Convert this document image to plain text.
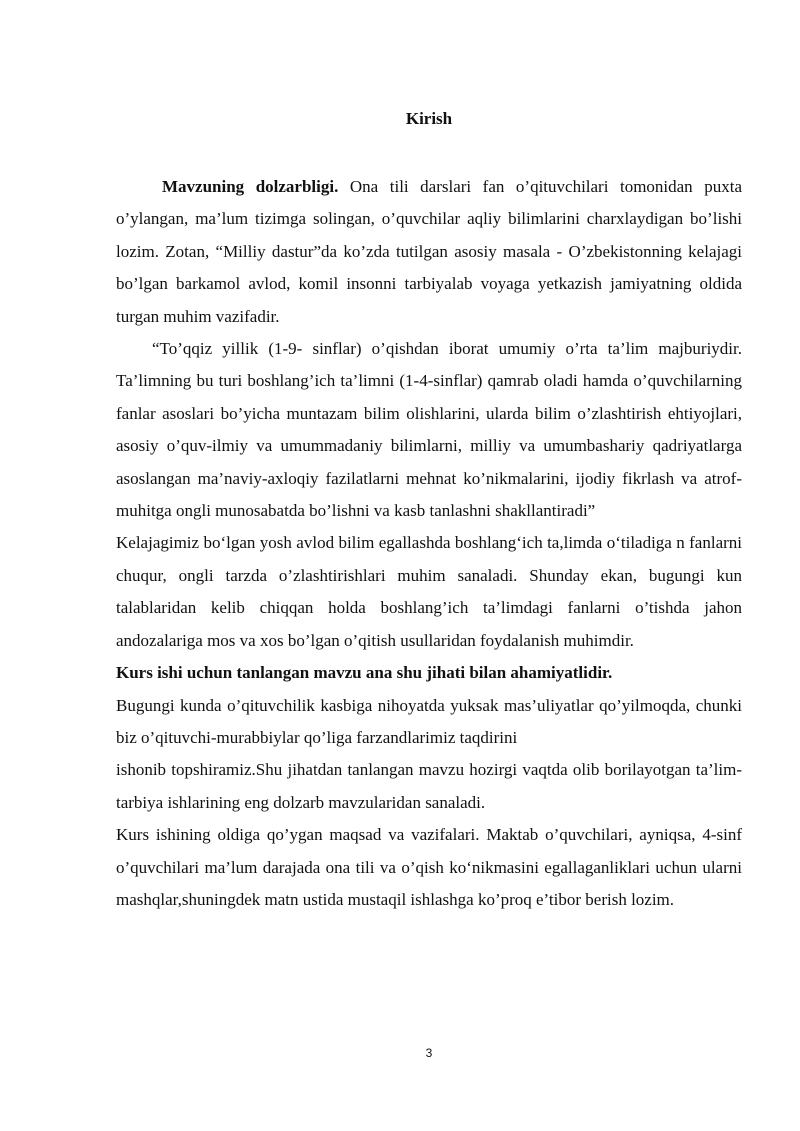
Kirish

Mavzuning dolzarbligi. Ona tili darslari fan o’qituvchilari tomonidan puxta o’ylangan, ma’lum tizimga solingan, o’quvchilar aqliy bilimlarini charxlaydigan bo’lishi lozim. Zotan, “Milliy dastur”da ko’zda tutilgan asosiy masala - O’zbekistonning kelajagi bo’lgan barkamol avlod, komil insonni tarbiyalab voyaga yetkazish jamiyatning oldida turgan muhim vazifadir.

“To’qqiz yillik (1-9- sinflar) o’qishdan iborat umumiy o’rta ta’lim majburiydir. Ta’limning bu turi boshlang’ich ta’limni (1-4-sinflar) qamrab oladi hamda o’quvchilarning fanlar asoslari bo’yicha muntazam bilim olishlarini, ularda bilim o’zlashtirish ehtiyojlari, asosiy o’quv-ilmiy va umummadaniy bilimlarni, milliy va umumbashariy qadriyatlarga asoslangan ma’naviy-axloqiy fazilatlarni mehnat ko’nikmalarini, ijodiy fikrlash va atrof-muhitga ongli munosabatda bo’lishni va kasb tanlashni shakllantiradi”

Kelajagimiz bo‘lgan yosh avlod bilim egallashda boshlang‘ich ta,limda o‘tiladiga n fanlarni chuqur, ongli tarzda o’zlashtirishlari muhim sanaladi. Shunday ekan, bugungi kun talablaridan kelib chiqqan holda boshlang’ich ta’limdagi fanlarni o’tishda jahon andozalariga mos va xos bo’lgan o’qitish usullaridan foydalanish muhimdir.

Kurs ishi uchun tanlangan mavzu ana shu jihati bilan ahamiyatlidir.

Bugungi kunda o’qituvchilik kasbiga nihoyatda yuksak mas’uliyatlar qo’yilmoqda, chunki biz o’qituvchi-murabbiylar qo’liga farzandlarimiz taqdirini

ishonib topshiramiz.Shu jihatdan tanlangan mavzu hozirgi vaqtda olib borilayotgan ta’lim-tarbiya ishlarining eng dolzarb mavzularidan sanaladi.

Kurs ishining oldiga qo’ygan maqsad va vazifalari. Maktab o’quvchilari, ayniqsa, 4-sinf o’quvchilari ma’lum darajada ona tili va o’qish ko‘nikmasini egallaganliklari uchun ularni mashqlar,shuningdek matn ustida mustaqil ishlashga ko’proq e’tibor berish lozim.

3
